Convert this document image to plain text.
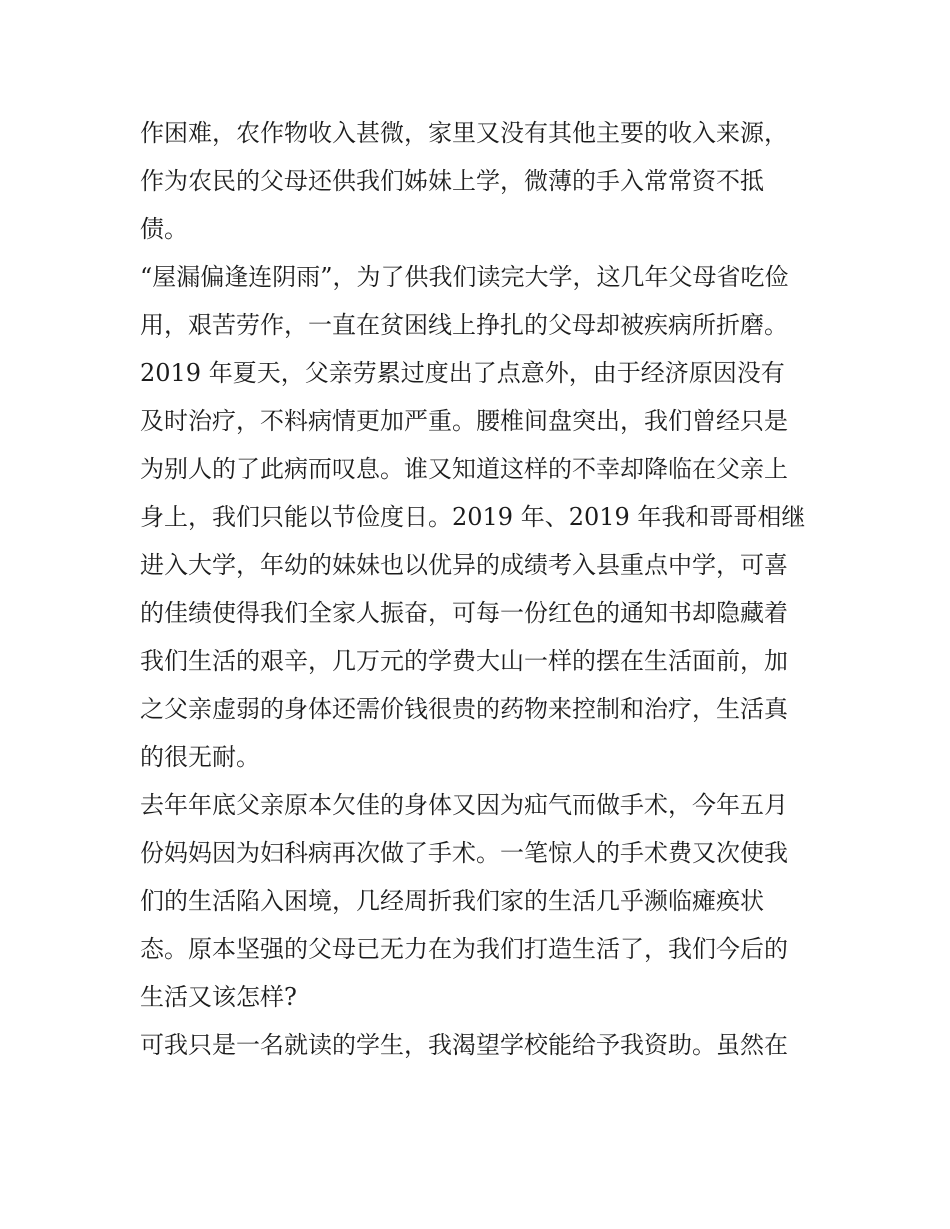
作困难，农作物收入甚微，家里又没有其他主要的收入来源，
作为农民的父母还供我们姊妹上学，微薄的手入常常资不抵
债。
“屋漏偏逢连阴雨”，为了供我们读完大学，这几年父母省吃俭
用，艰苦劳作，一直在贫困线上挣扎的父母却被疾病所折磨。
2019 年夏天，父亲劳累过度出了点意外，由于经济原因没有
及时治疗，不料病情更加严重。腰椎间盘突出，我们曾经只是
为别人的了此病而叹息。谁又知道这样的不幸却降临在父亲上
身上，我们只能以节俭度日。2019 年、2019 年我和哥哥相继
进入大学，年幼的妹妹也以优异的成绩考入县重点中学，可喜
的佳绩使得我们全家人振奋，可每一份红色的通知书却隐藏着
我们生活的艰辛，几万元的学费大山一样的摆在生活面前，加
之父亲虚弱的身体还需价钱很贵的药物来控制和治疗，生活真
的很无耐。
去年年底父亲原本欠佳的身体又因为疝气而做手术，今年五月
份妈妈因为妇科病再次做了手术。一笔惊人的手术费又次使我
们的生活陷入困境，几经周折我们家的生活几乎濒临瘫痪状
态。原本坚强的父母已无力在为我们打造生活了，我们今后的
生活又该怎样?
可我只是一名就读的学生，我渴望学校能给予我资助。虽然在
